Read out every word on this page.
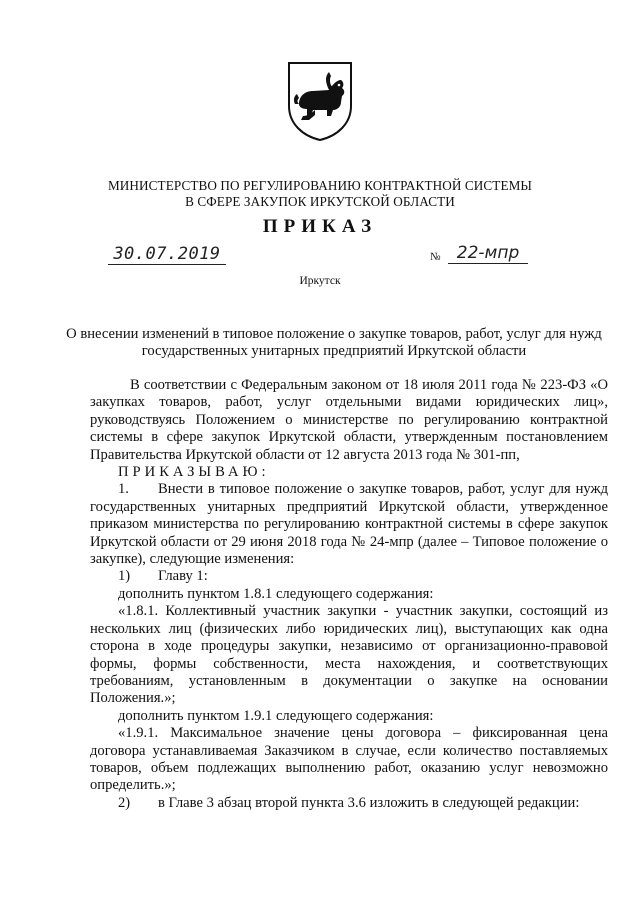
МИНИСТЕРСТВО ПО РЕГУЛИРОВАНИЮ КОНТРАКТНОЙ СИСТЕМЫ
В СФЕРЕ ЗАКУПОК ИРКУТСКОЙ ОБЛАСТИ
ПРИКАЗ
30.07.2019	№ 22-мпр
Иркутск
О внесении изменений в типовое положение о закупке товаров, работ, услуг для нужд государственных унитарных предприятий Иркутской области

В соответствии с Федеральным законом от 18 июля 2011 года № 223-ФЗ «О закупках товаров, работ, услуг отдельными видами юридических лиц», руководствуясь Положением о министерстве по регулированию контрактной системы в сфере закупок Иркутской области, утвержденным постановлением Правительства Иркутской области от 12 августа 2013 года № 301-пп,

ПРИКАЗЫВАЮ:

1. Внести в типовое положение о закупке товаров, работ, услуг для нужд государственных унитарных предприятий Иркутской области, утвержденное приказом министерства по регулированию контрактной системы в сфере закупок Иркутской области от 29 июня 2018 года № 24-мпр (далее – Типовое положение о закупке), следующие изменения:

1) Главу 1:

дополнить пунктом 1.8.1 следующего содержания:

«1.8.1. Коллективный участник закупки - участник закупки, состоящий из нескольких лиц (физических либо юридических лиц), выступающих как одна сторона в ходе процедуры закупки, независимо от организационно-правовой формы, формы собственности, места нахождения, и соответствующих требованиям, установленным в документации о закупке на основании Положения.»;

дополнить пунктом 1.9.1 следующего содержания:

«1.9.1. Максимальное значение цены договора – фиксированная цена договора устанавливаемая Заказчиком в случае, если количество поставляемых товаров, объем подлежащих выполнению работ, оказанию услуг невозможно определить.»;

2) в Главе 3 абзац второй пункта 3.6 изложить в следующей редакции:
